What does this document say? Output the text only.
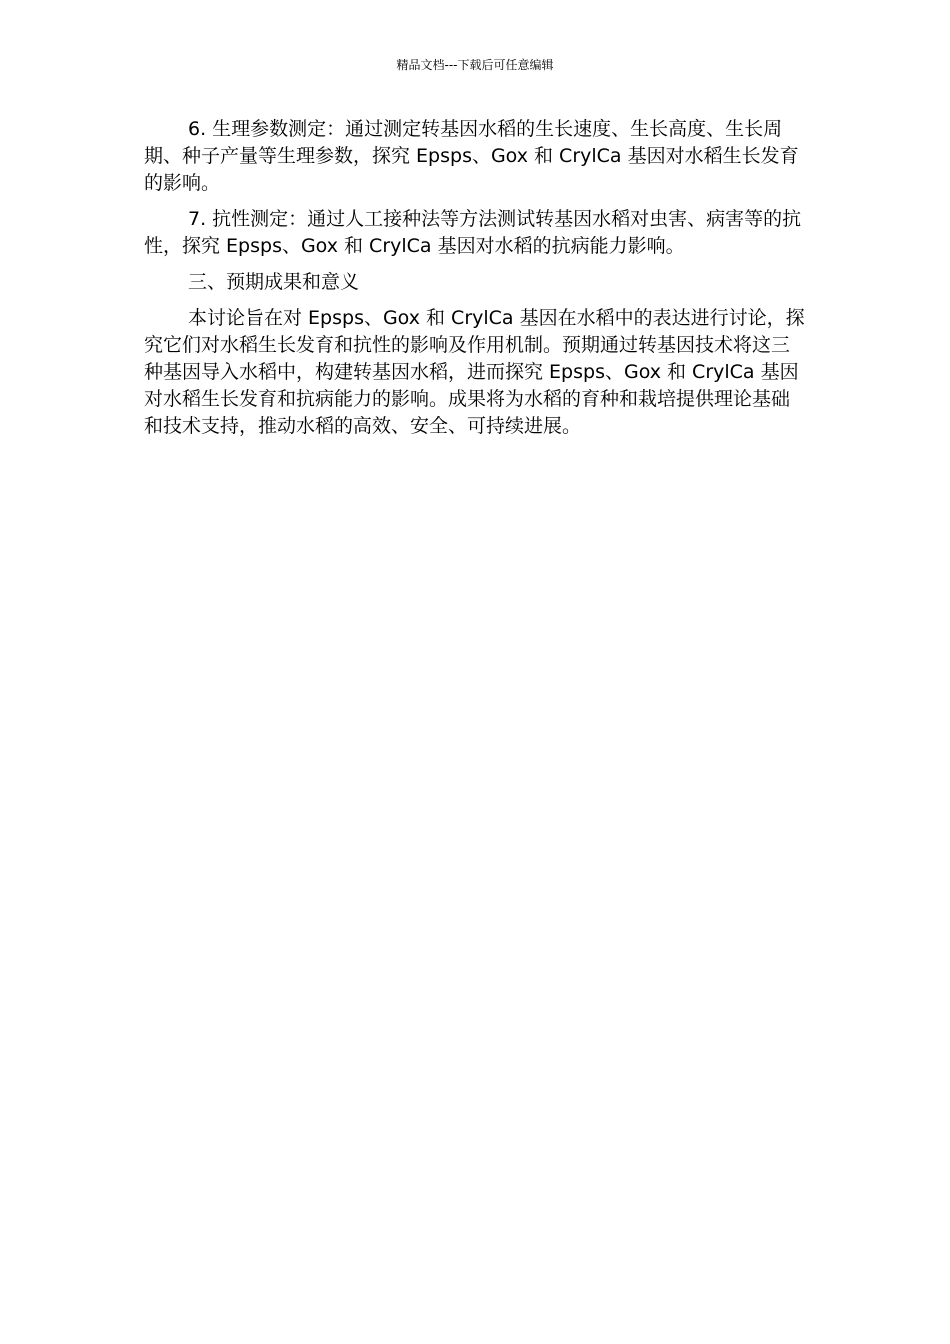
精品文档---下载后可任意编辑

6. 生理参数测定：通过测定转基因水稻的生长速度、生长高度、生长周期、种子产量等生理参数，探究 Epsps、Gox 和 CrylCa 基因对水稻生长发育的影响。

7. 抗性测定：通过人工接种法等方法测试转基因水稻对虫害、病害等的抗性，探究 Epsps、Gox 和 CrylCa 基因对水稻的抗病能力影响。

三、预期成果和意义

本讨论旨在对 Epsps、Gox 和 CrylCa 基因在水稻中的表达进行讨论，探究它们对水稻生长发育和抗性的影响及作用机制。预期通过转基因技术将这三种基因导入水稻中，构建转基因水稻，进而探究 Epsps、Gox 和 CrylCa 基因对水稻生长发育和抗病能力的影响。成果将为水稻的育种和栽培提供理论基础和技术支持，推动水稻的高效、安全、可持续进展。
